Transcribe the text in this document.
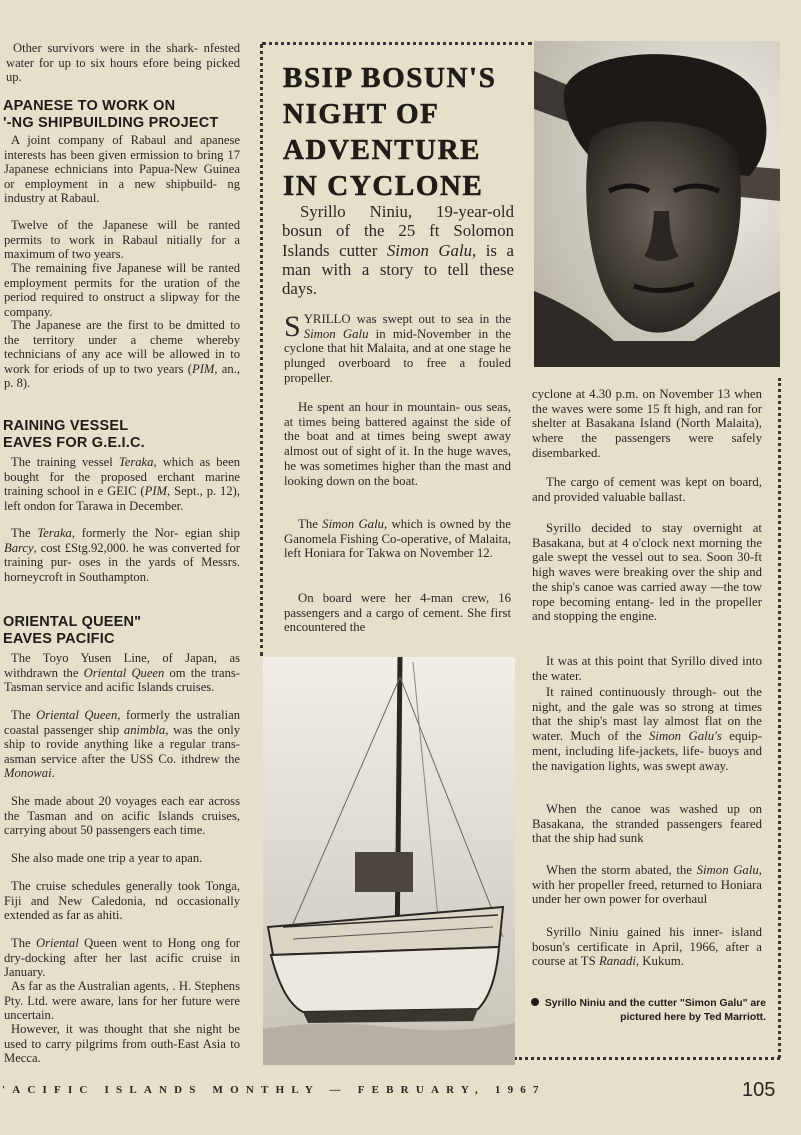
Other survivors were in the shark- nfested water for up to six hours efore being picked up.

APANESE TO WORK ON
'-NG SHIPBUILDING PROJECT

A joint company of Rabaul and apanese interests has been given ermission to bring 17 Japanese echnicians into Papua-New Guinea or employment in a new shipbuild- ng industry at Rabaul.

Twelve of the Japanese will be ranted permits to work in Rabaul nitially for a maximum of two years.

The remaining five Japanese will be ranted employment permits for the uration of the period required to onstruct a slipway for the company.

The Japanese are the first to be dmitted to the territory under a cheme whereby technicians of any ace will be allowed in to work for eriods of up to two years (PIM, an., p. 8).

RAINING VESSEL
EAVES FOR G.E.I.C.

The training vessel Teraka, which as been bought for the proposed erchant marine training school in e GEIC (PIM, Sept., p. 12), left ondon for Tarawa in December.

The Teraka, formerly the Nor- egian ship Barcy, cost £Stg.92,000. he was converted for training pur- oses in the yards of Messrs. horneycroft in Southampton.

ORIENTAL QUEEN"
EAVES PACIFIC

The Toyo Yusen Line, of Japan, as withdrawn the Oriental Queen om the trans-Tasman service and acific Islands cruises.

The Oriental Queen, formerly the ustralian coastal passenger ship animbla, was the only ship to rovide anything like a regular trans- asman service after the USS Co. ithdrew the Monowai.

She made about 20 voyages each ear across the Tasman and on acific Islands cruises, carrying about 50 passengers each time.

She also made one trip a year to apan.

The cruise schedules generally took Tonga, Fiji and New Caledonia, nd occasionally extended as far as ahiti.

The Oriental Queen went to Hong ong for dry-docking after her last acific cruise in January.

As far as the Australian agents, . H. Stephens Pty. Ltd. were aware, lans for her future were uncertain.

However, it was thought that she night be used to carry pilgrims from outh-East Asia to Mecca.

BSIP BOSUN'S
NIGHT OF
ADVENTURE
IN CYCLONE

Syrillo Niniu, 19-year-old bosun of the 25 ft Solomon Islands cutter Simon Galu, is a man with a story to tell these days.

SYRILLO was swept out to sea in the Simon Galu in mid-November in the cyclone that hit Malaita, and at one stage he plunged overboard to free a fouled propeller.

He spent an hour in mountain- ous seas, at times being battered against the side of the boat and at times being swept away almost out of sight of it. In the huge waves, he was sometimes higher than the mast and looking down on the boat.

The Simon Galu, which is owned by the Ganomela Fishing Co-operative, of Malaita, left Honiara for Takwa on November 12.

On board were her 4-man crew, 16 passengers and a cargo of cement. She first encountered the

cyclone at 4.30 p.m. on November 13 when the waves were some 15 ft high, and ran for shelter at Basakana Island (North Malaita), where the passengers were safely disembarked.

The cargo of cement was kept on board, and provided valuable ballast.

Syrillo decided to stay overnight at Basakana, but at 4 o'clock next morning the gale swept the vessel out to sea. Soon 30-ft high waves were breaking over the ship and the ship's canoe was carried away —the tow rope becoming entang- led in the propeller and stopping the engine.

It was at this point that Syrillo dived into the water.

It rained continuously through- out the night, and the gale was so strong at times that the ship's mast lay almost flat on the water. Much of the Simon Galu's equip- ment, including life-jackets, life- buoys and the navigation lights, was swept away.

When the canoe was washed up on Basakana, the stranded passengers feared that the ship had sunk

When the storm abated, the Simon Galu, with her propeller freed, returned to Honiara under her own power for overhaul

Syrillo Niniu gained his inner- island bosun's certificate in April, 1966, after a course at TS Ranadi, Kukum.

Syrillo Niniu and the cutter "Simon Galu" are pictured here by Ted Marriott.

'ACIFIC ISLANDS MONTHLY — FEBRUARY, 1967	105
